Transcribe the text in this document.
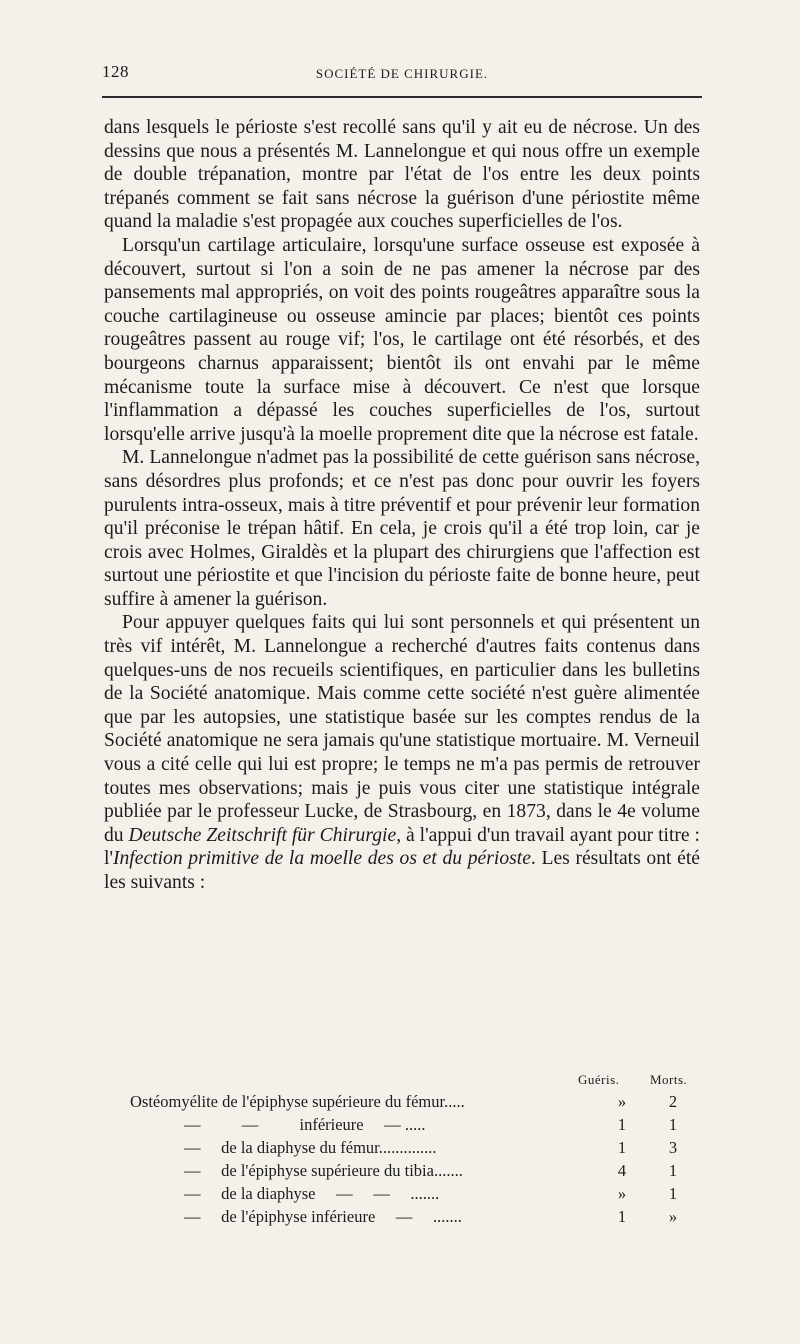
128	SOCIÉTÉ DE CHIRURGIE.

dans lesquels le périoste s'est recollé sans qu'il y ait eu de nécrose. Un des dessins que nous a présentés M. Lannelongue et qui nous offre un exemple de double trépanation, montre par l'état de l'os entre les deux points trépanés comment se fait sans nécrose la guérison d'une périostite même quand la maladie s'est propagée aux couches superficielles de l'os.

Lorsqu'un cartilage articulaire, lorsqu'une surface osseuse est exposée à découvert, surtout si l'on a soin de ne pas amener la nécrose par des pansements mal appropriés, on voit des points rougeâtres apparaître sous la couche cartilagineuse ou osseuse amincie par places; bientôt ces points rougeâtres passent au rouge vif; l'os, le cartilage ont été résorbés, et des bourgeons charnus apparaissent; bientôt ils ont envahi par le même mécanisme toute la surface mise à découvert. Ce n'est que lorsque l'inflammation a dépassé les couches superficielles de l'os, surtout lorsqu'elle arrive jusqu'à la moelle proprement dite que la nécrose est fatale.

M. Lannelongue n'admet pas la possibilité de cette guérison sans nécrose, sans désordres plus profonds; et ce n'est pas donc pour ouvrir les foyers purulents intra-osseux, mais à titre préventif et pour prévenir leur formation qu'il préconise le trépan hâtif. En cela, je crois qu'il a été trop loin, car je crois avec Holmes, Giraldès et la plupart des chirurgiens que l'affection est surtout une périostite et que l'incision du périoste faite de bonne heure, peut suffire à amener la guérison.

Pour appuyer quelques faits qui lui sont personnels et qui présentent un très vif intérêt, M. Lannelongue a recherché d'autres faits contenus dans quelques-uns de nos recueils scientifiques, en particulier dans les bulletins de la Société anatomique. Mais comme cette société n'est guère alimentée que par les autopsies, une statistique basée sur les comptes rendus de la Société anatomique ne sera jamais qu'une statistique mortuaire. M. Verneuil vous a cité celle qui lui est propre; le temps ne m'a pas permis de retrouver toutes mes observations; mais je puis vous citer une statistique intégrale publiée par le professeur Lucke, de Strasbourg, en 1873, dans le 4e volume du Deutsche Zeitschrift für Chirurgie, à l'appui d'un travail ayant pour titre : l'Infection primitive de la moelle des os et du périoste. Les résultats ont été les suivants :

Guéris. Morts.
Ostéomyélite de l'épiphyse supérieure du fémur.....	»	2
—          —          inférieure     — .....	1	1
—     de la diaphyse du fémur..............	1	3
—     de l'épiphyse supérieure du tibia.......	4	1
—     de la diaphyse     —     —     .......	»	1
—     de l'épiphyse inférieure     —     .......	1	»
